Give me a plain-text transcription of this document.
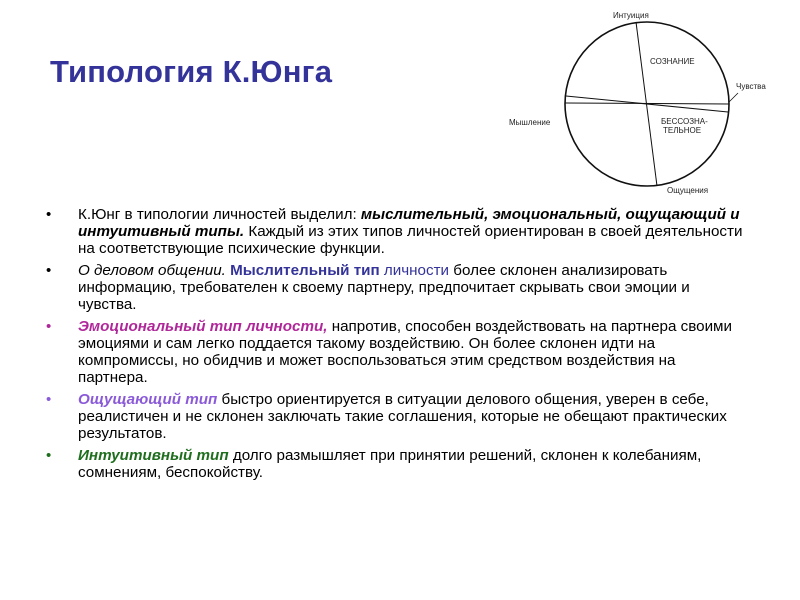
Типология К.Юнга
Интуиция
Чувства
Мышление
Ощущения
СОЗНАНИЕ
БЕССОЗНА-
ТЕЛЬНОЕ
•	К.Юнг в типологии личностей выделил: мыслительный, эмоциональный, ощущающий и интуитивный типы. Каждый из этих типов личностей ориентирован в своей деятельности на соответствующие психические функции.
•	О деловом общении. Мыслительный тип личности более склонен анализировать информацию, требователен к своему партнеру, предпочитает скрывать свои эмоции и чувства.
•	Эмоциональный тип личности, напротив, способен воздействовать на партнера своими эмоциями и сам легко поддается такому воздействию. Он более склонен идти на компромиссы, но обидчив и может воспользоваться этим средством воздействия на партнера.
•	Ощущающий тип быстро ориентируется в ситуации делового общения, уверен в себе, реалистичен и не склонен заключать такие соглашения, которые не обещают практических результатов.
•	Интуитивный тип долго размышляет при принятии решений, склонен к колебаниям, сомнениям, беспокойству.
